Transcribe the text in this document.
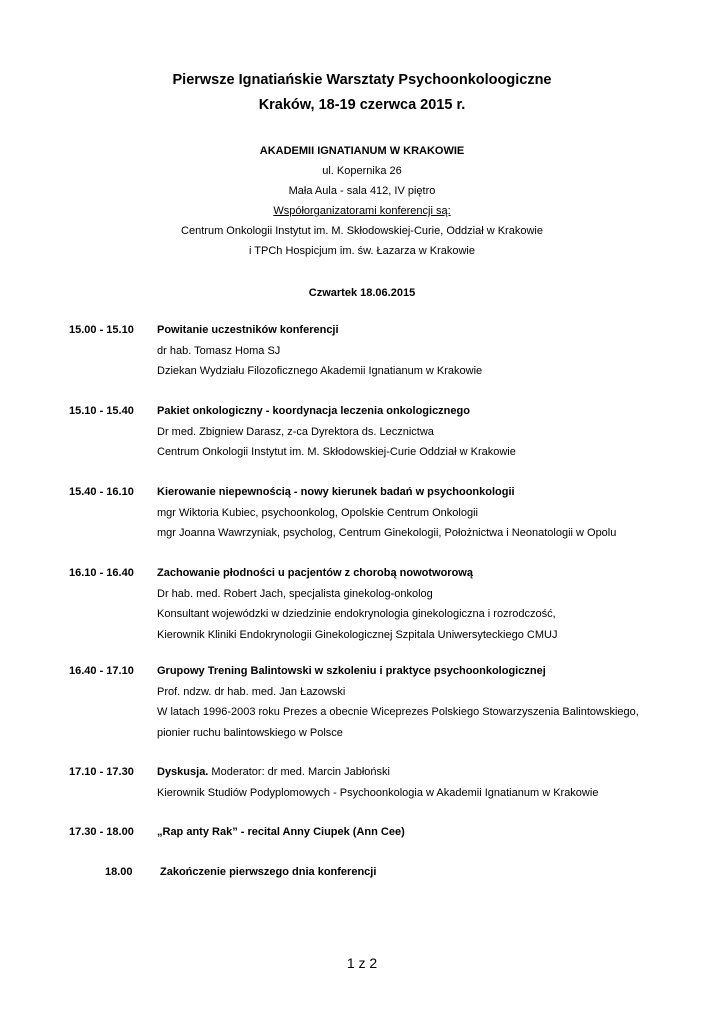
Pierwsze Ignatiańskie Warsztaty Psychoonkoloogiczne
Kraków, 18-19 czerwca 2015 r.
AKADEMII IGNATIANUM W KRAKOWIE
ul. Kopernika 26
Mała Aula - sala 412, IV piętro
Współorganizatorami konferencji są:
Centrum Onkologii Instytut im. M. Skłodowskiej-Curie, Oddział w Krakowie
i TPCh Hospicjum im. św. Łazarza w Krakowie
Czwartek 18.06.2015
15.00 - 15.10 Powitanie uczestników konferencji
dr hab. Tomasz Homa SJ
Dziekan Wydziału Filozoficznego Akademii Ignatianum w Krakowie
15.10 - 15.40 Pakiet onkologiczny - koordynacja leczenia onkologicznego
Dr med. Zbigniew Darasz, z-ca Dyrektora ds. Lecznictwa
Centrum Onkologii Instytut im. M. Skłodowskiej-Curie Oddział w Krakowie
15.40 - 16.10 Kierowanie niepewnością - nowy kierunek badań w psychoonkologii
mgr Wiktoria Kubiec, psychoonkolog, Opolskie Centrum Onkologii
mgr Joanna Wawrzyniak, psycholog, Centrum Ginekologii, Położnictwa i Neonatologii w Opolu
16.10 - 16.40 Zachowanie płodności u pacjentów z chorobą nowotworową
Dr hab. med. Robert Jach, specjalista ginekolog-onkolog
Konsultant wojewódzki w dziedzinie endokrynologia ginekologiczna i rozrodczość,
Kierownik Kliniki Endokrynologii Ginekologicznej Szpitala Uniwersyteckiego CMUJ
16.40 - 17.10 Grupowy Trening Balintowski w szkoleniu i praktyce psychoonkologicznej
Prof. ndzw. dr hab. med. Jan Łazowski
W latach 1996-2003 roku Prezes a obecnie Wiceprezes Polskiego Stowarzyszenia Balintowskiego,
pionier ruchu balintowskiego w Polsce
17.10 - 17.30 Dyskusja. Moderator: dr med. Marcin Jabłoński
Kierownik Studiów Podyplomowych - Psychoonkologia w Akademii Ignatianum w Krakowie
17.30 - 18.00 „Rap anty Rak” - recital Anny Ciupek (Ann Cee)
18.00 Zakończenie pierwszego dnia konferencji
1 z 2
